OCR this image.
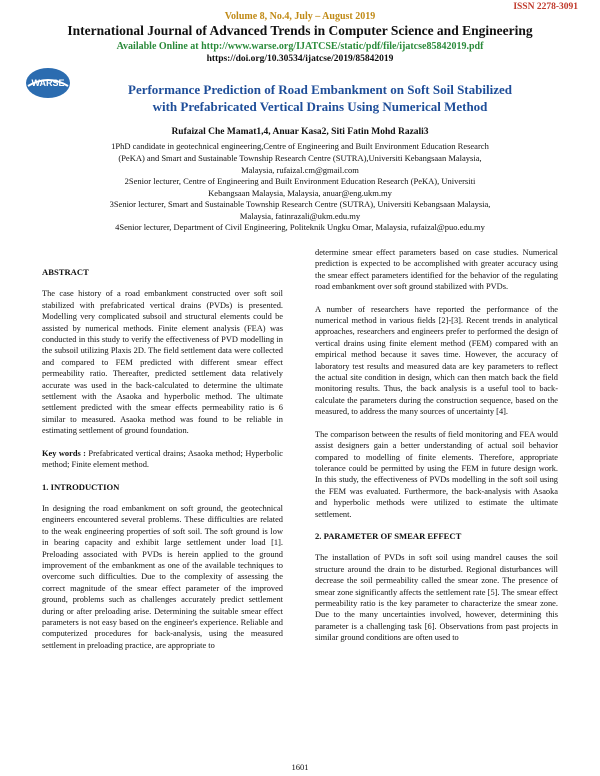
ISSN 2278-3091
Volume 8, No.4, July – August 2019
International Journal of Advanced Trends in Computer Science and Engineering
Available Online at http://www.warse.org/IJATCSE/static/pdf/file/ijatcse85842019.pdf
https://doi.org/10.30534/ijatcse/2019/85842019
WARSE	Performance Prediction of Road Embankment on Soft Soil Stabilized
with Prefabricated Vertical Drains Using Numerical Method
Rufaizal Che Mamat1,4, Anuar Kasa2, Siti Fatin Mohd Razali3
1PhD candidate in geotechnical engineering,Centre of Engineering and Built Environment Education Research
(PeKA) and Smart and Sustainable Township Research Centre (SUTRA),Universiti Kebangsaan Malaysia,
Malaysia, rufaizal.cm@gmail.com
2Senior lecturer, Centre of Engineering and Built Environment Education Research (PeKA), Universiti
Kebangsaan Malaysia, Malaysia, anuar@eng.ukm.my
3Senior lecturer, Smart and Sustainable Township Research Centre (SUTRA), Universiti Kebangsaan Malaysia,
Malaysia, fatinrazali@ukm.edu.my
4Senior lecturer, Department of Civil Engineering, Politeknik Ungku Omar, Malaysia, rufaizal@puo.edu.my
ABSTRACT

The case history of a road embankment constructed over soft soil stabilized with prefabricated vertical drains (PVDs) is presented. Modelling very complicated subsoil and structural elements could be assisted by numerical methods. Finite element analysis (FEA) was conducted in this study to verify the effectiveness of PVD modelling in the subsoil utilizing Plaxis 2D. The field settlement data were collected and compared to FEM predicted with different smear effect permeability ratio. Thereafter, predicted settlement data relatively accurate was used in the back-calculated to determine the ultimate settlement with the Asaoka and hyperbolic method. The ultimate settlement predicted with the smear effects permeability ratio is 6 similar to measured. Asaoka method was found to be reliable in estimating settlement of ground foundation.

Key words : Prefabricated vertical drains; Asaoka method; Hyperbolic method; Finite element method.

1. INTRODUCTION

In designing the road embankment on soft ground, the geotechnical engineers encountered several problems. These difficulties are related to the weak engineering properties of soft soil. The soft ground is low in bearing capacity and exhibit large settlement under load [1]. Preloading associated with PVDs is herein applied to the ground improvement of the embankment as one of the available techniques to overcome such difficulties. Due to the complexity of assessing the correct magnitude of the smear effect parameter of the improved ground, problems such as challenges accurately predict settlement during or after preloading arise. Determining the suitable smear effect parameters is not easy based on the engineer's experience. Reliable and computerized procedures for back-analysis, using the measured settlement in preloading practice, are appropriate to

determine smear effect parameters based on case studies. Numerical prediction is expected to be accomplished with greater accuracy using the smear effect parameters identified for the behavior of the regulating road embankment over soft ground stabilized with PVDs.

A number of researchers have reported the performance of the numerical method in various fields [2]-[3]. Recent trends in analytical approaches, researchers and engineers prefer to performed the design of vertical drains using finite element method (FEM) compared with an empirical method because it saves time. However, the accuracy of laboratory test results and measured data are key parameters to reflect the actual site condition in design, which can then match back the field monitoring results. Thus, the back analysis is a useful tool to back-calculate the parameters during the construction sequence, based on the measured, to address the many sources of uncertainty [4].

The comparison between the results of field monitoring and FEA would assist designers gain a better understanding of actual soil behavior compared to modelling of finite elements. Therefore, appropriate tolerance could be permitted by using the FEM in future design work. In this study, the effectiveness of PVDs modelling in the soft soil using the FEM was evaluated. Furthermore, the back-analysis with Asaoka and hyperbolic methods were utilized to estimate the ultimate settlement.

2. PARAMETER OF SMEAR EFFECT

The installation of PVDs in soft soil using mandrel causes the soil structure around the drain to be disturbed. Regional disturbances will decrease the soil permeability called the smear zone. The presence of smear zone significantly affects the settlement rate [5]. The smear effect permeability ratio is the key parameter to characterize the smear zone. Due to the many uncertainties involved, however, determining this parameter is a challenging task [6]. Observations from past projects in similar ground conditions are often used to

1601
